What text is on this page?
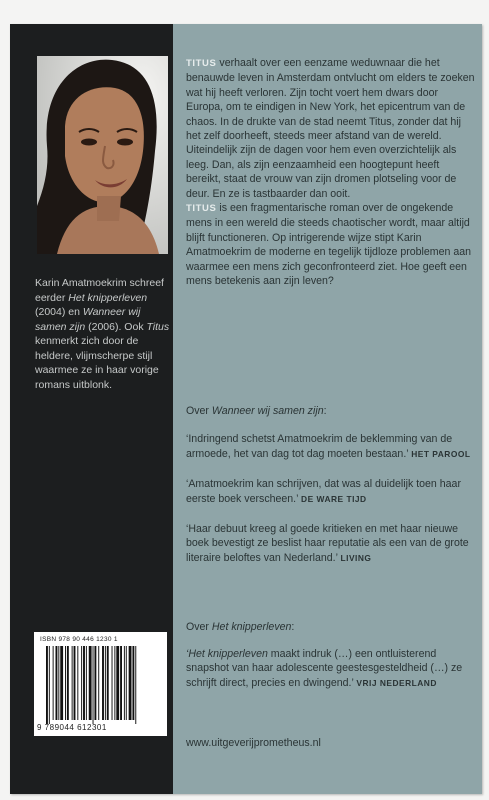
Karin Amatmoekrim schreef eerder Het knipperleven (2004) en Wanneer wij samen zijn (2006). Ook Titus kenmerkt zich door de heldere, vlijmscherpe stijl waarmee ze in haar vorige romans uitblonk.
ISBN 978 90 446 1230 1
9 789044 612301

TITUS verhaalt over een eenzame weduwnaar die het benauwde leven in Amsterdam ontvlucht om elders te zoeken wat hij heeft verloren. Zijn tocht voert hem dwars door Europa, om te eindigen in New York, het epicentrum van de chaos. In de drukte van de stad neemt Titus, zonder dat hij het zelf doorheeft, steeds meer afstand van de wereld. Uiteindelijk zijn de dagen voor hem even overzichtelijk als leeg. Dan, als zijn eenzaamheid een hoogtepunt heeft bereikt, staat de vrouw van zijn dromen plotseling voor de deur. En ze is tastbaarder dan ooit.

TITUS is een fragmentarische roman over de ongekende mens in een wereld die steeds chaotischer wordt, maar altijd blijft functioneren. Op intrigerende wijze stipt Karin Amatmoekrim de moderne en tegelijk tijdloze problemen aan waarmee een mens zich geconfronteerd ziet. Hoe geeft een mens betekenis aan zijn leven?

Over Wanneer wij samen zijn:

‘Indringend schetst Amatmoekrim de beklemming van de armoede, het van dag tot dag moeten bestaan.’ HET PAROOL

‘Amatmoekrim kan schrijven, dat was al duidelijk toen haar eerste boek verscheen.’ DE WARE TIJD

‘Haar debuut kreeg al goede kritieken en met haar nieuwe boek bevestigt ze beslist haar reputatie als een van de grote literaire beloftes van Nederland.’ LIVING

Over Het knipperleven:

‘Het knipperleven maakt indruk (…) een ontluisterend snapshot van haar adolescente geestesgesteldheid (…) ze schrijft direct, precies en dwingend.’ VRIJ NEDERLAND

www.uitgeverijprometheus.nl
